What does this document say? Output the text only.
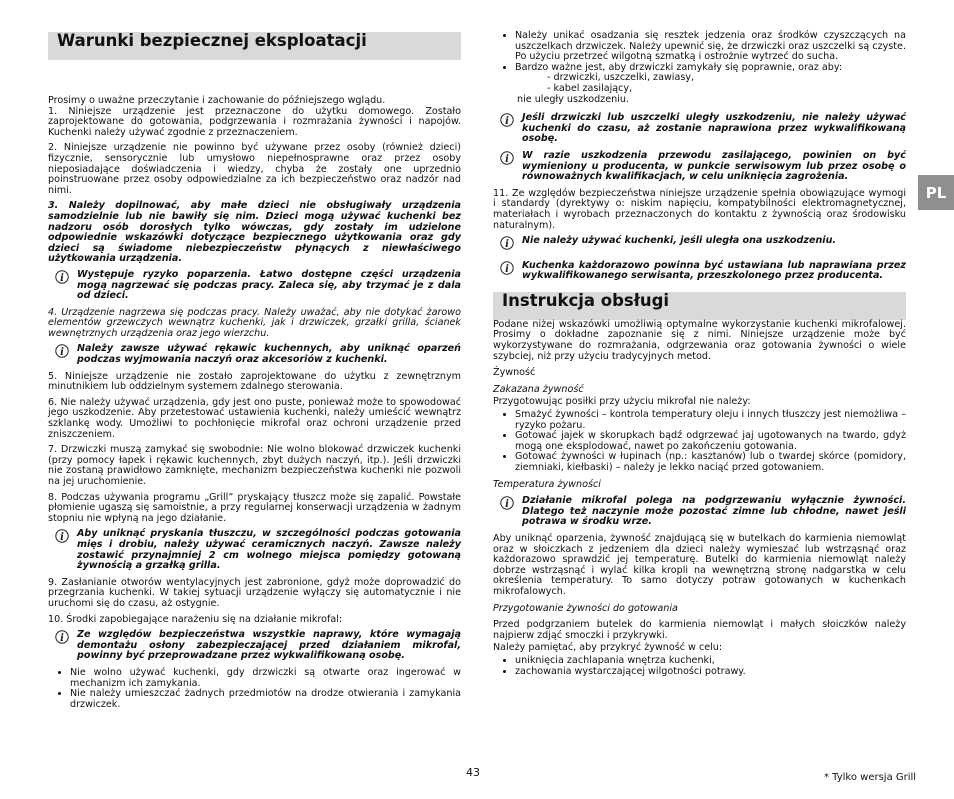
Warunki bezpiecznej eksploatacji

Prosimy o uważne przeczytanie i zachowanie do późniejszego wglądu.

1. Niniejsze urządzenie jest przeznaczone do użytku domowego. Zostało zaprojektowane do gotowania, podgrzewania i rozmrażania żywności i napojów. Kuchenki należy używać zgodnie z przeznaczeniem.

2. Niniejsze urządzenie nie powinno być używane przez osoby (również dzieci) fizycznie, sensorycznie lub umysłowo niepełnosprawne oraz przez osoby nieposiadające doświadczenia i wiedzy, chyba że zostały one uprzednio poinstruowane przez osoby odpowiedzialne za ich bezpieczeństwo oraz nadzór nad nimi.

3. Należy dopilnować, aby małe dzieci nie obsługiwały urządzenia samodzielnie lub nie bawiły się nim. Dzieci mogą używać kuchenki bez nadzoru osób dorosłych tylko wówczas, gdy zostały im udzielone odpowiednie wskazówki dotyczące bezpiecznego użytkowania oraz gdy dzieci są świadome niebezpieczeństw płynących z niewłaściwego użytkowania urządzenia.

i Występuje ryzyko poparzenia. Łatwo dostępne części urządzenia mogą nagrzewać się podczas pracy. Zaleca się, aby trzymać je z dala od dzieci.

4. Urządzenie nagrzewa się podczas pracy. Należy uważać, aby nie dotykać żarowo elementów grzewczych wewnątrz kuchenki, jak i drzwiczek, grzałki grilla, ścianek wewnętrznych urządzenia oraz jego wierzchu.

i Należy zawsze używać rękawic kuchennych, aby uniknąć oparzeń podczas wyjmowania naczyń oraz akcesoriów z kuchenki.

5. Niniejsze urządzenie nie zostało zaprojektowane do użytku z zewnętrznym minutnikiem lub oddzielnym systemem zdalnego sterowania.

6. Nie należy używać urządzenia, gdy jest ono puste, ponieważ może to spowodować jego uszkodzenie. Aby przetestować ustawienia kuchenki, należy umieścić wewnątrz szklankę wody. Umożliwi to pochłonięcie mikrofal oraz ochroni urządzenie przed zniszczeniem.

7. Drzwiczki muszą zamykać się swobodnie: Nie wolno blokować drzwiczek kuchenki (przy pomocy łapek i rękawic kuchennych, zbyt dużych naczyń, itp.). Jeśli drzwiczki nie zostaną prawidłowo zamknięte, mechanizm bezpieczeństwa kuchenki nie pozwoli na jej uruchomienie.

8. Podczas używania programu „Grill” pryskający tłuszcz może się zapalić. Powstałe płomienie ugaszą się samoistnie, a przy regularnej konserwacji urządzenia w żadnym stopniu nie wpłyną na jego działanie.

i Aby uniknąć pryskania tłuszczu, w szczególności podczas gotowania mięs i drobiu, należy używać ceramicznych naczyń. Zawsze należy zostawić przynajmniej 2 cm wolnego miejsca pomiędzy gotowaną żywnością a grzałką grilla.

9. Zasłanianie otworów wentylacyjnych jest zabronione, gdyż może doprowadzić do przegrzania kuchenki. W takiej sytuacji urządzenie wyłączy się automatycznie i nie uruchomi się do czasu, aż ostygnie.

10. Środki zapobiegające narażeniu się na działanie mikrofal:

i Ze względów bezpieczeństwa wszystkie naprawy, które wymagają demontażu osłony zabezpieczającej przed działaniem mikrofal, powinny być przeprowadzane przez wykwalifikowaną osobę.
• Nie wolno używać kuchenki, gdy drzwiczki są otwarte oraz ingerować w mechanizm ich zamykania.
• Nie należy umieszczać żadnych przedmiotów na drodze otwierania i zamykania drzwiczek.
• Należy unikać osadzania się resztek jedzenia oraz środków czyszczących na uszczelkach drzwiczek. Należy upewnić się, że drzwiczki oraz uszczelki są czyste. Po użyciu przetrzeć wilgotną szmatką i ostrożnie wytrzeć do sucha.
• Bardzo ważne jest, aby drzwiczki zamykały się poprawnie, oraz aby:

- drzwiczki, uszczelki, zawiasy,

- kabel zasilający,

nie uległy uszkodzeniu.

i Jeśli drzwiczki lub uszczelki uległy uszkodzeniu, nie należy używać kuchenki do czasu, aż zostanie naprawiona przez wykwalifikowaną osobę.
i W razie uszkodzenia przewodu zasilającego, powinien on być wymieniony u producenta, w punkcie serwisowym lub przez osobę o równoważnych kwalifikacjach, w celu uniknięcia zagrożenia.

11. Ze względów bezpieczeństwa niniejsze urządzenie spełnia obowiązujące wymogi i standardy (dyrektywy o: niskim napięciu, kompatybilności elektromagnetycznej, materiałach i wyrobach przeznaczonych do kontaktu z żywnością oraz środowisku naturalnym).

i Nie należy używać kuchenki, jeśli uległa ona uszkodzeniu.
i Kuchenka każdorazowo powinna być ustawiana lub naprawiana przez wykwalifikowanego serwisanta, przeszkolonego przez producenta.
Instrukcja obsługi

Podane niżej wskazówki umożliwią optymalne wykorzystanie kuchenki mikrofalowej. Prosimy o dokładne zapoznanie się z nimi. Niniejsze urządzenie może być wykorzystywane do rozmrażania, odgrzewania oraz gotowania żywności o wiele szybciej, niż przy użyciu tradycyjnych metod.

Żywność

Zakazana żywność

Przygotowując posiłki przy użyciu mikrofal nie należy:

• Smażyć żywności – kontrola temperatury oleju i innych tłuszczy jest niemożliwa – ryzyko pożaru.
• Gotować jajek w skorupkach bądź odgrzewać jaj ugotowanych na twardo, gdyż mogą one eksplodować, nawet po zakończeniu gotowania.
• Gotować żywności w łupinach (np.: kasztanów) lub o twardej skórce (pomidory, ziemniaki, kiełbaski) – należy je lekko naciąć przed gotowaniem.

Temperatura żywności

i Działanie mikrofal polega na podgrzewaniu wyłącznie żywności. Dlatego też naczynie może pozostać zimne lub chłodne, nawet jeśli potrawa w środku wrze.

Aby uniknąć oparzenia, żywność znajdującą się w butelkach do karmienia niemowląt oraz w słoiczkach z jedzeniem dla dzieci należy wymieszać lub wstrząsnąć oraz każdorazowo sprawdzić jej temperaturę. Butelki do karmienia niemowląt należy dobrze wstrząsnąć i wylać kilka kropli na wewnętrzną stronę nadgarstka w celu określenia temperatury. To samo dotyczy potraw gotowanych w kuchenkach mikrofalowych.

Przygotowanie żywności do gotowania

Przed podgrzaniem butelek do karmienia niemowląt i małych słoiczków należy najpierw zdjąć smoczki i przykrywki.

Należy pamiętać, aby przykryć żywność w celu:

• uniknięcia zachlapania wnętrza kuchenki,
• zachowania wystarczającej wilgotności potrawy.
PL
43	* Tylko wersja Grill
